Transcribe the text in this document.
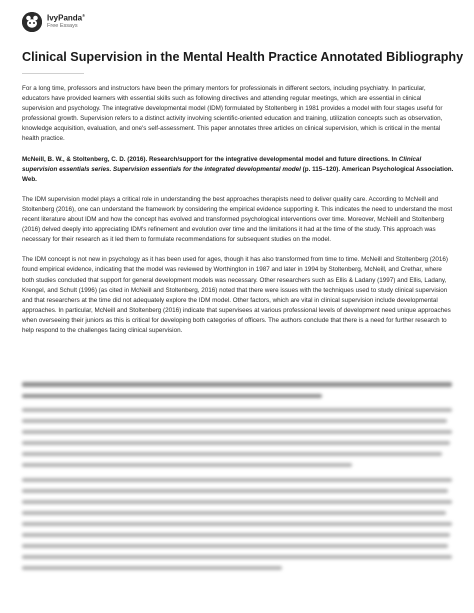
IvyPanda®
Free Essays
Clinical Supervision in the Mental Health Practice Annotated Bibliography

For a long time, professors and instructors have been the primary mentors for professionals in different sectors, including psychiatry. In particular, educators have provided learners with essential skills such as following directives and attending regular meetings, which are essential in clinical supervision and psychology. The integrative developmental model (IDM) formulated by Stoltenberg in 1981 provides a model with four stages useful for professional growth. Supervision refers to a distinct activity involving scientific-oriented education and training, utilization concepts such as observation, knowledge acquisition, evaluation, and one's self-assessment. This paper annotates three articles on clinical supervision, which is critical in the mental health practice.

McNeill, B. W., & Stoltenberg, C. D. (2016). Research/support for the integrative developmental model and future directions. In Clinical supervision essentials series. Supervision essentials for the integrated developmental model (p. 115–120). American Psychological Association. Web.

The IDM supervision model plays a critical role in understanding the best approaches therapists need to deliver quality care. According to McNeill and Stoltenberg (2016), one can understand the framework by considering the empirical evidence supporting it. This indicates the need to understand the most recent literature about IDM and how the concept has evolved and transformed psychological interventions over time. Moreover, McNeill and Stoltenberg (2016) delved deeply into appreciating IDM's refinement and evolution over time and the limitations it had at the time of the study. This approach was necessary for their research as it led them to formulate recommendations for subsequent studies on the model.

The IDM concept is not new in psychology as it has been used for ages, though it has also transformed from time to time. McNeill and Stoltenberg (2016) found empirical evidence, indicating that the model was reviewed by Worthington in 1987 and later in 1994 by Stoltenberg, McNeill, and Crethar, where both studies concluded that support for general development models was necessary. Other researchers such as Ellis & Ladany (1997) and Ellis, Ladany, Krengel, and Schult (1996) (as cited in McNeill and Stoltenberg, 2016) noted that there were issues with the techniques used to study clinical supervision and that researchers at the time did not adequately explore the IDM model. Other factors, which are vital in clinical supervision include developmental approaches. In particular, McNeill and Stoltenberg (2016) indicate that supervisees at various professional levels of development need unique approaches when overseeing their juniors as this is critical for developing both categories of officers. The authors conclude that there is a need for further research to help respond to the challenges facing clinical supervision.
